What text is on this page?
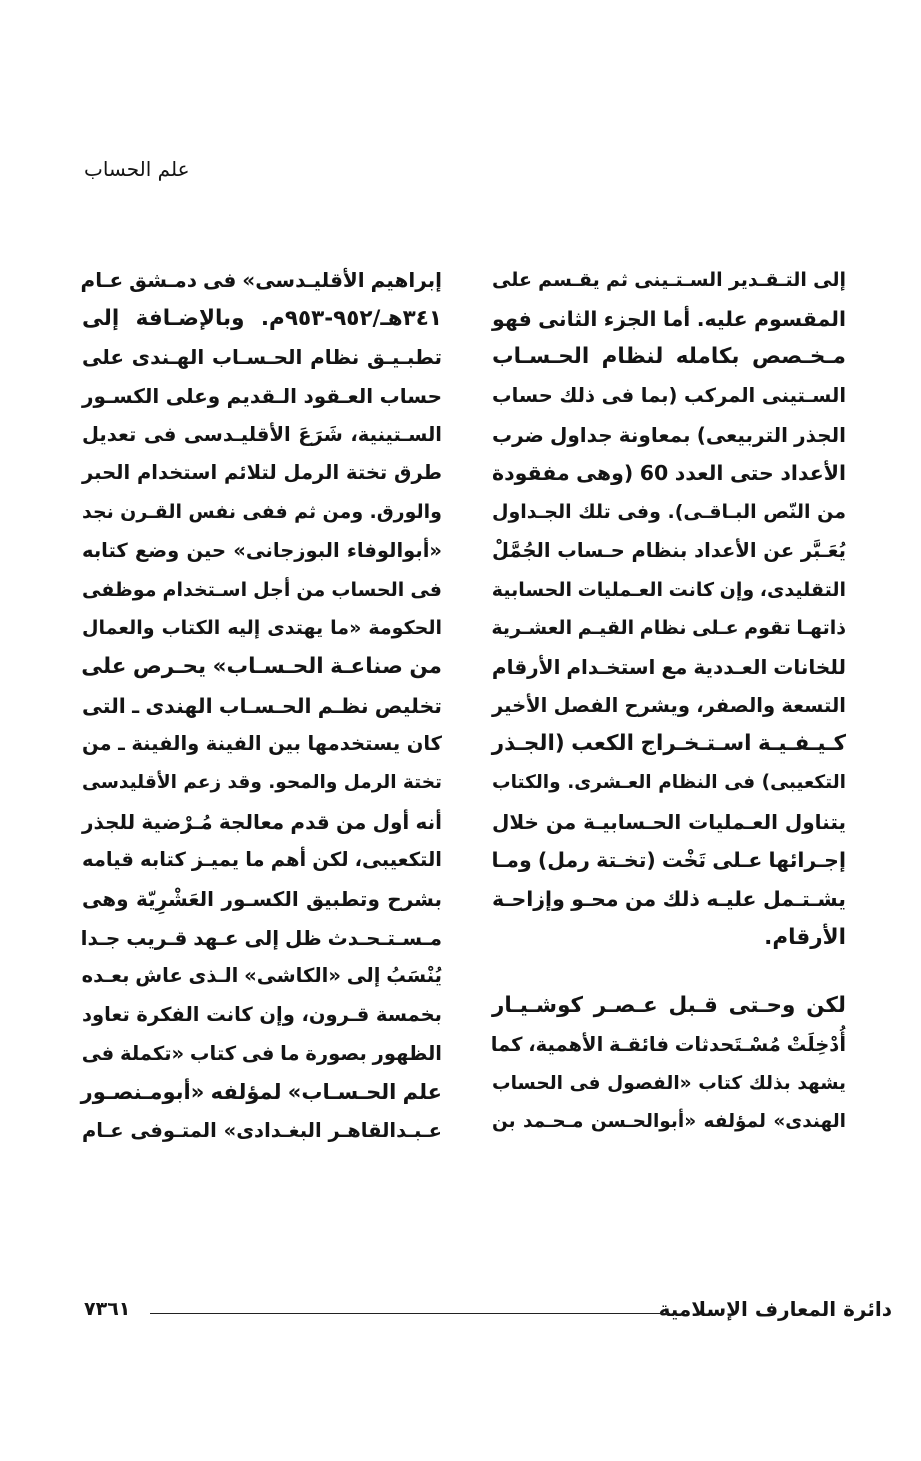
علم الحساب
إلى التـقـدير السـتـينى ثم يقـسم على
المقسوم عليه. أما الجزء الثانى فهو
مـخـصص بكامله لنظام الحـسـاب
السـتينى المركب (بما فى ذلك حساب
الجذر التربيعى) بمعاونة جداول ضرب
الأعداد حتى العدد 60 (وهى مفقودة
من النّص البـاقـى). وفى تلك الجـداول
يُعَـبَّر عن الأعداد بنظام حـساب الجُمَّلْ
التقليدى، وإن كانت العـمليات الحسابية
ذاتهـا تقوم عـلى نظام القيـم العشـرية
للخانات العـددية مع استخـدام الأرقام
التسعة والصفر، ويشرح الفصل الأخير
كـيـفـيـة اسـتـخـراج الكعب (الجـذر
التكعيبى) فى النظام العـشرى. والكتاب
يتناول العـمليات الحـسابيـة من خلال
إجـرائها عـلى تَخْت (تخـتة رمل) ومـا
يشـتـمل عليـه ذلك من محـو وإزاحـة
الأرقام.
لكن وحـتى قـبل عـصـر كوشـيـار
أُدْخِلَتْ مُسْـتَحدثات فائقـة الأهمية، كما
يشهد بذلك كتاب «الفصول فى الحساب
الهندى» لمؤلفه «أبوالحـسن مـحـمد بن
إبراهيم الأقليـدسى» فى دمـشق عـام
٣٤١هـ/٩٥٢-٩٥٣م. وبالإضـافة إلى
تطبـيـق نظام الحـسـاب الهـندى على
حساب العـقود الـقديم وعلى الكسـور
السـتينية، شَرَعَ الأقليـدسى فى تعديل
طرق تختة الرمل لتلائم استخدام الحبر
والورق. ومن ثم ففى نفس القـرن نجد
«أبوالوفاء البوزجانى» حين وضع كتابه
فى الحساب من أجل اسـتخدام موظفى
الحكومة «ما يهتدى إليه الكتاب والعمال
من صناعـة الحـسـاب» يحـرص على
تخليص نظـم الحـسـاب الهندى ـ التى
كان يستخدمها بين الفينة والفينة ـ من
تختة الرمل والمحو. وقد زعم الأقليدسى
أنه أول من قدم معالجة مُـرْضية للجذر
التكعيبى، لكن أهم ما يميـز كتابه قيامه
بشرح وتطبيق الكسـور العَشْرِيّة وهى
مـسـتـحـدث ظل إلى عـهد قـريب جـدا
يُنْسَبُ إلى «الكاشى» الـذى عاش بعـده
بخمسة قـرون، وإن كانت الفكرة تعاود
الظهور بصورة ما فى كتاب «تكملة فى
علم الحـسـاب» لمؤلفه «أبومـنصـور
عـبـدالقاهـر البغـدادى» المتـوفى عـام
دائرة المعارف الإسلامية
٧٣٦١
